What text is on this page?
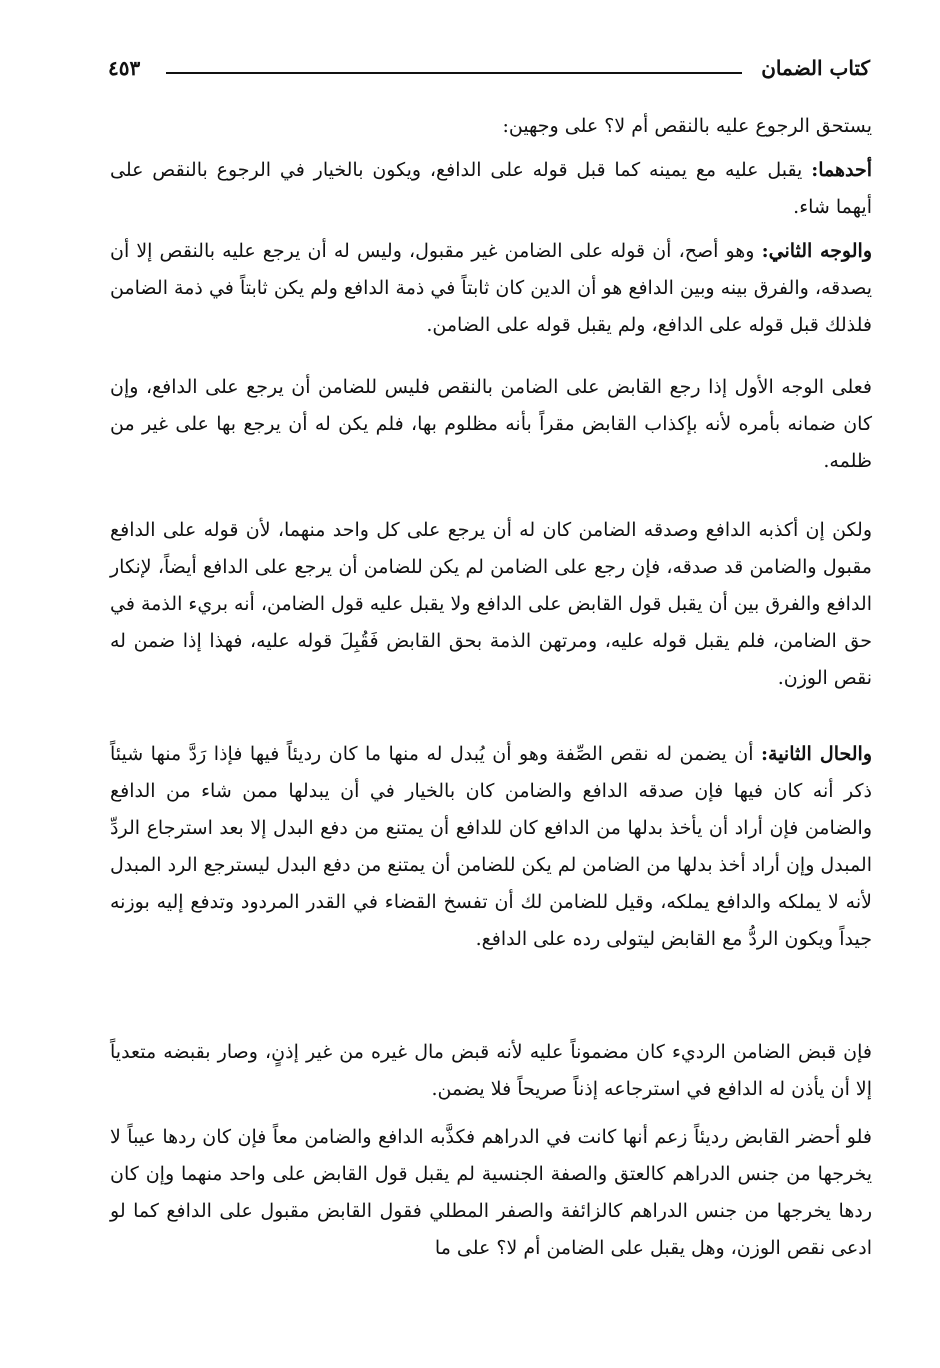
كتاب الضمان
٤٥٣

يستحق الرجوع عليه بالنقص أم لا؟ على وجهين:

أحدهما: يقبل عليه مع يمينه كما قبل قوله على الدافع، ويكون بالخيار في الرجوع بالنقص على أيهما شاء.

والوجه الثاني: وهو أصح، أن قوله على الضامن غير مقبول، وليس له أن يرجع عليه بالنقص إلا أن يصدقه، والفرق بينه وبين الدافع هو أن الدين كان ثابتاً في ذمة الدافع ولم يكن ثابتاً في ذمة الضامن فلذلك قبل قوله على الدافع، ولم يقبل قوله على الضامن.

فعلى الوجه الأول إذا رجع القابض على الضامن بالنقص فليس للضامن أن يرجع على الدافع، وإن كان ضمانه بأمره لأنه بإكذاب القابض مقراً بأنه مظلوم بها، فلم يكن له أن يرجع بها على غير من ظلمه.

ولكن إن أكذبه الدافع وصدقه الضامن كان له أن يرجع على كل واحد منهما، لأن قوله على الدافع مقبول والضامن قد صدقه، فإن رجع على الضامن لم يكن للضامن أن يرجع على الدافع أيضاً، لإنكار الدافع والفرق بين أن يقبل قول القابض على الدافع ولا يقبل عليه قول الضامن، أنه بريء الذمة في حق الضامن، فلم يقبل قوله عليه، ومرتهن الذمة بحق القابض فَقُبِلَ قوله عليه، فهذا إذا ضمن له نقص الوزن.

والحال الثانية: أن يضمن له نقص الصِّفة وهو أن يُبدل له منها ما كان رديئاً فيها فإذا رَدَّ منها شيئاً ذكر أنه كان فيها فإن صدقه الدافع والضامن كان بالخيار في أن يبدلها ممن شاء من الدافع والضامن فإن أراد أن يأخذ بدلها من الدافع كان للدافع أن يمتنع من دفع البدل إلا بعد استرجاع الردِّ المبدل وإن أراد أخذ بدلها من الضامن لم يكن للضامن أن يمتنع من دفع البدل ليسترجع الرد المبدل لأنه لا يملكه والدافع يملكه، وقيل للضامن لك أن تفسخ القضاء في القدر المردود وتدفع إليه بوزنه جيداً ويكون الردُّ مع القابض ليتولى رده على الدافع.

فإن قبض الضامن الرديء كان مضموناً عليه لأنه قبض مال غيره من غير إذنٍ، وصار بقبضه متعدياً إلا أن يأذن له الدافع في استرجاعه إذناً صريحاً فلا يضمن.

فلو أحضر القابض رديئاً زعم أنها كانت في الدراهم فكذَّبه الدافع والضامن معاً فإن كان ردها عيباً لا يخرجها من جنس الدراهم كالعتق والصفة الجنسية لم يقبل قول القابض على واحد منهما وإن كان ردها يخرجها من جنس الدراهم كالزائفة والصفر المطلي فقول القابض مقبول على الدافع كما لو ادعى نقص الوزن، وهل يقبل على الضامن أم لا؟ على ما
